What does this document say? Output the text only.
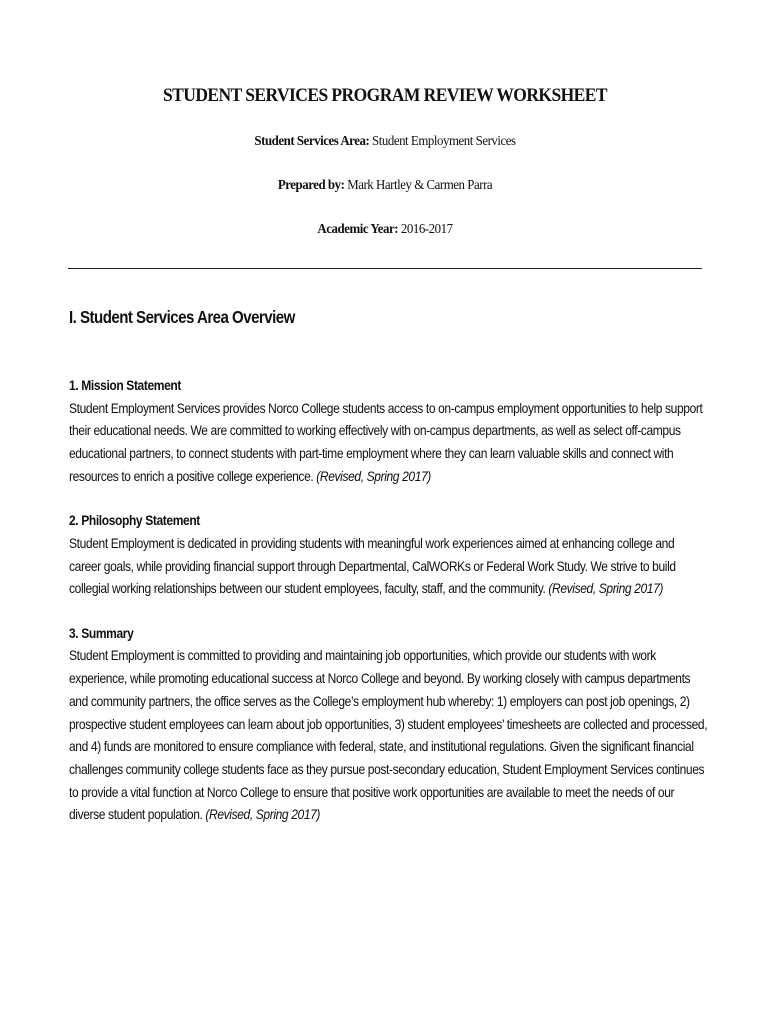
STUDENT SERVICES PROGRAM REVIEW WORKSHEET

Student Services Area: Student Employment Services

Prepared by: Mark Hartley & Carmen Parra

Academic Year: 2016-2017

I. Student Services Area Overview
1. Mission Statement

Student Employment Services provides Norco College students access to on-campus employment opportunities to help support their educational needs. We are committed to working effectively with on-campus departments, as well as select off-campus educational partners, to connect students with part-time employment where they can learn valuable skills and connect with resources to enrich a positive college experience. (Revised, Spring 2017)

2. Philosophy Statement

Student Employment is dedicated in providing students with meaningful work experiences aimed at enhancing college and career goals, while providing financial support through Departmental, CalWORKs or Federal Work Study. We strive to build collegial working relationships between our student employees, faculty, staff, and the community. (Revised, Spring 2017)

3. Summary

Student Employment is committed to providing and maintaining job opportunities, which provide our students with work experience, while promoting educational success at Norco College and beyond. By working closely with campus departments and community partners, the office serves as the College’s employment hub whereby: 1) employers can post job openings, 2) prospective student employees can learn about job opportunities, 3) student employees’ timesheets are collected and processed, and 4) funds are monitored to ensure compliance with federal, state, and institutional regulations. Given the significant financial challenges community college students face as they pursue post-secondary education, Student Employment Services continues to provide a vital function at Norco College to ensure that positive work opportunities are available to meet the needs of our diverse student population. (Revised, Spring 2017)
